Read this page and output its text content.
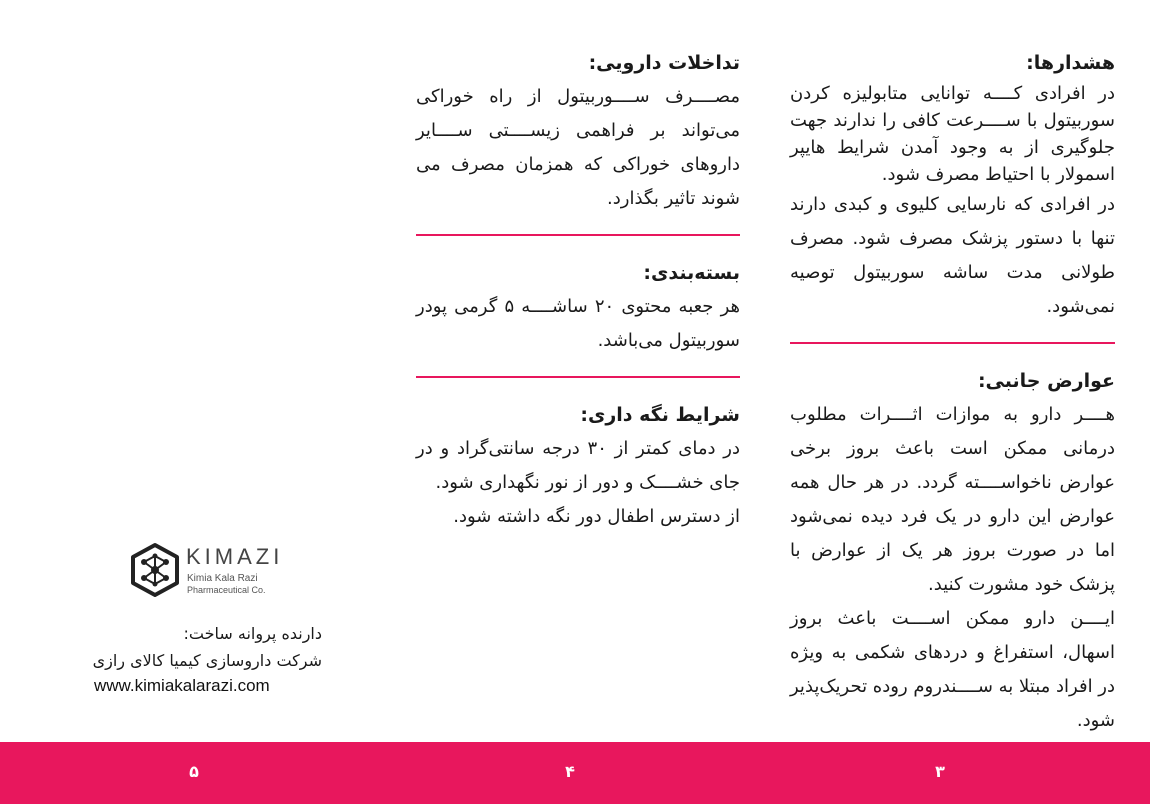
هشدارها:

در افرادی کــــه توانایی متابولیزه کردن سوربیتول با ســــرعت کافی را ندارند جهت جلوگیری از به وجود آمدن شرایط هایپر اسمولار با احتیاط مصرف شود.

در افرادی که نارسایی کلیوی و کبدی دارند تنها با دستور پزشک مصرف شود. مصرف طولانی مدت ساشه سوربیتول توصیه نمی‌شود.

عوارض جانبی:

هــــر دارو به موازات اثــــرات مطلوب درمانی ممکن است باعث بروز برخی عوارض ناخواســــته گردد. در هر حال همه عوارض این دارو در یک فرد دیده نمی‌شود اما در صورت بروز هر یک از عوارض با پزشک خود مشورت کنید.

ایــــن دارو ممکن اســــت باعث بروز اسهال، استفراغ و دردهای شکمی به ویژه در افراد مبتلا به ســــندروم روده تحریک‌پذیر شود.

تداخلات دارویی:

مصــــرف ســــوربیتول از راه خوراکی می‌تواند بر فراهمی زیســــتی ســــایر داروهای خوراکی که همزمان مصرف می شوند تاثیر بگذارد.

بسته‌بندی:

هر جعبه محتوی ۲۰ ساشــــه ۵ گرمی پودر سوربیتول می‌باشد.

شرایط نگه داری:

در دمای کمتر از ۳۰ درجه سانتی‌گراد و در جای خشــــک و دور از نور نگهداری شود.

از دسترس اطفال دور نگه داشته شود.

KIMAZI
Kimia Kala Razi
Pharmaceutical Co.
دارنده پروانه ساخت:
شرکت داروسازی کیمیا کالای رازی
www.kimiakalarazi.com
۵	۴	۳
